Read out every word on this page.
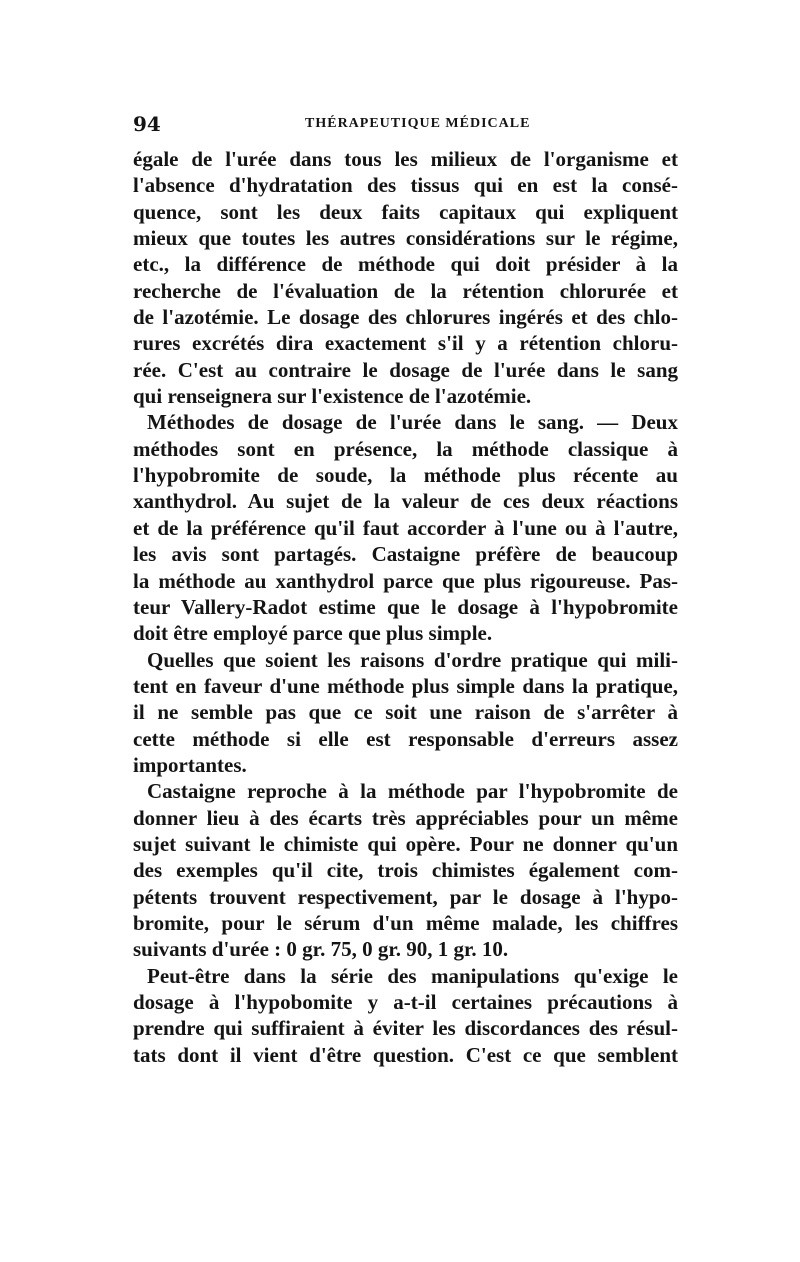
94	THÉRAPEUTIQUE MÉDICALE
égale de l'urée dans tous les milieux de l'organisme et
l'absence d'hydratation des tissus qui en est la consé-
quence, sont les deux faits capitaux qui expliquent
mieux que toutes les autres considérations sur le régime,
etc., la différence de méthode qui doit présider à la
recherche de l'évaluation de la rétention chlorurée et
de l'azotémie. Le dosage des chlorures ingérés et des chlo-
rures excrétés dira exactement s'il y a rétention chloru-
rée. C'est au contraire le dosage de l'urée dans le sang
qui renseignera sur l'existence de l'azotémie.
Méthodes de dosage de l'urée dans le sang. — Deux
méthodes sont en présence, la méthode classique à
l'hypobromite de soude, la méthode plus récente au
xanthydrol. Au sujet de la valeur de ces deux réactions
et de la préférence qu'il faut accorder à l'une ou à l'autre,
les avis sont partagés. Castaigne préfère de beaucoup
la méthode au xanthydrol parce que plus rigoureuse. Pas-
teur Vallery-Radot estime que le dosage à l'hypobromite
doit être employé parce que plus simple.
Quelles que soient les raisons d'ordre pratique qui mili-
tent en faveur d'une méthode plus simple dans la pratique,
il ne semble pas que ce soit une raison de s'arrêter à
cette méthode si elle est responsable d'erreurs assez
importantes.
Castaigne reproche à la méthode par l'hypobromite de
donner lieu à des écarts très appréciables pour un même
sujet suivant le chimiste qui opère. Pour ne donner qu'un
des exemples qu'il cite, trois chimistes également com-
pétents trouvent respectivement, par le dosage à l'hypo-
bromite, pour le sérum d'un même malade, les chiffres
suivants d'urée : 0 gr. 75, 0 gr. 90, 1 gr. 10.
Peut-être dans la série des manipulations qu'exige le
dosage à l'hypobomite y a-t-il certaines précautions à
prendre qui suffiraient à éviter les discordances des résul-
tats dont il vient d'être question. C'est ce que semblent
